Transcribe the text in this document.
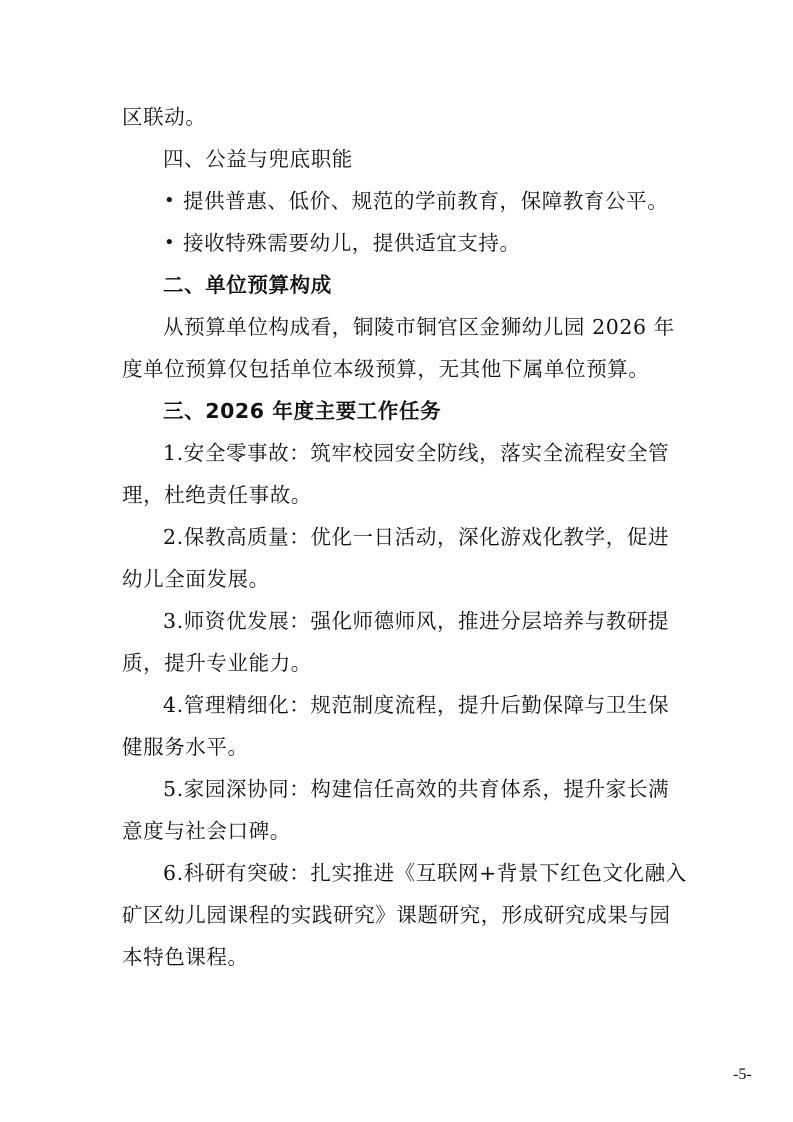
区联动。
四、公益与兜底职能
• 提供普惠、低价、规范的学前教育，保障教育公平。
• 接收特殊需要幼儿，提供适宜支持。
二、单位预算构成
从预算单位构成看，铜陵市铜官区金狮幼儿园 2026 年
度单位预算仅包括单位本级预算，无其他下属单位预算。
三、2026 年度主要工作任务
1.安全零事故：筑牢校园安全防线，落实全流程安全管
理，杜绝责任事故。
2.保教高质量：优化一日活动，深化游戏化教学，促进
幼儿全面发展。
3.师资优发展：强化师德师风，推进分层培养与教研提
质，提升专业能力。
4.管理精细化：规范制度流程，提升后勤保障与卫生保
健服务水平。
5.家园深协同：构建信任高效的共育体系，提升家长满
意度与社会口碑。
6.科研有突破：扎实推进《互联网+背景下红色文化融入
矿区幼儿园课程的实践研究》课题研究，形成研究成果与园
本特色课程。
-5-
